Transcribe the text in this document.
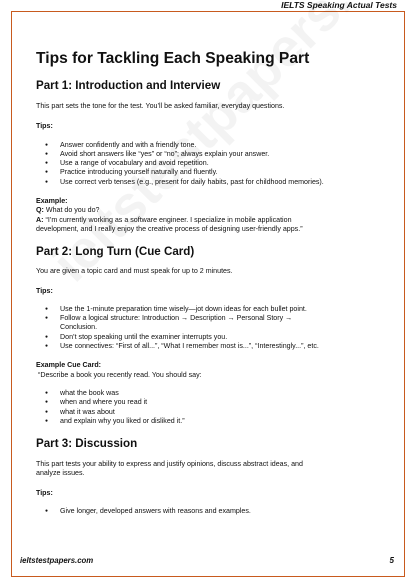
IELTS Speaking Actual Tests
Tips for Tackling Each Speaking Part
Part 1: Introduction and Interview

This part sets the tone for the test. You’ll be asked familiar, everyday questions.

Tips:

● Answer confidently and with a friendly tone.
● Avoid short answers like “yes” or “no”; always explain your answer.
● Use a range of vocabulary and avoid repetition.
● Practice introducing yourself naturally and fluently.
● Use correct verb tenses (e.g., present for daily habits, past for childhood memories).

Example:

Q: What do you do?

A: “I’m currently working as a software engineer. I specialize in mobile application

development, and I really enjoy the creative process of designing user-friendly apps.”

Part 2: Long Turn (Cue Card)

You are given a topic card and must speak for up to 2 minutes.

Tips:

● Use the 1-minute preparation time wisely—jot down ideas for each bullet point.
● Follow a logical structure: Introduction → Description → Personal Story →
Conclusion.
● Don’t stop speaking until the examiner interrupts you.
● Use connectives: “First of all...”, “What I remember most is...”, “Interestingly...”, etc.

Example Cue Card:

“Describe a book you recently read. You should say:

● what the book was
● when and where you read it
● what it was about
● and explain why you liked or disliked it.”
Part 3: Discussion

This part tests your ability to express and justify opinions, discuss abstract ideas, and

analyze issues.

Tips:

● Give longer, developed answers with reasons and examples.
ieltstestpapers.com	5
